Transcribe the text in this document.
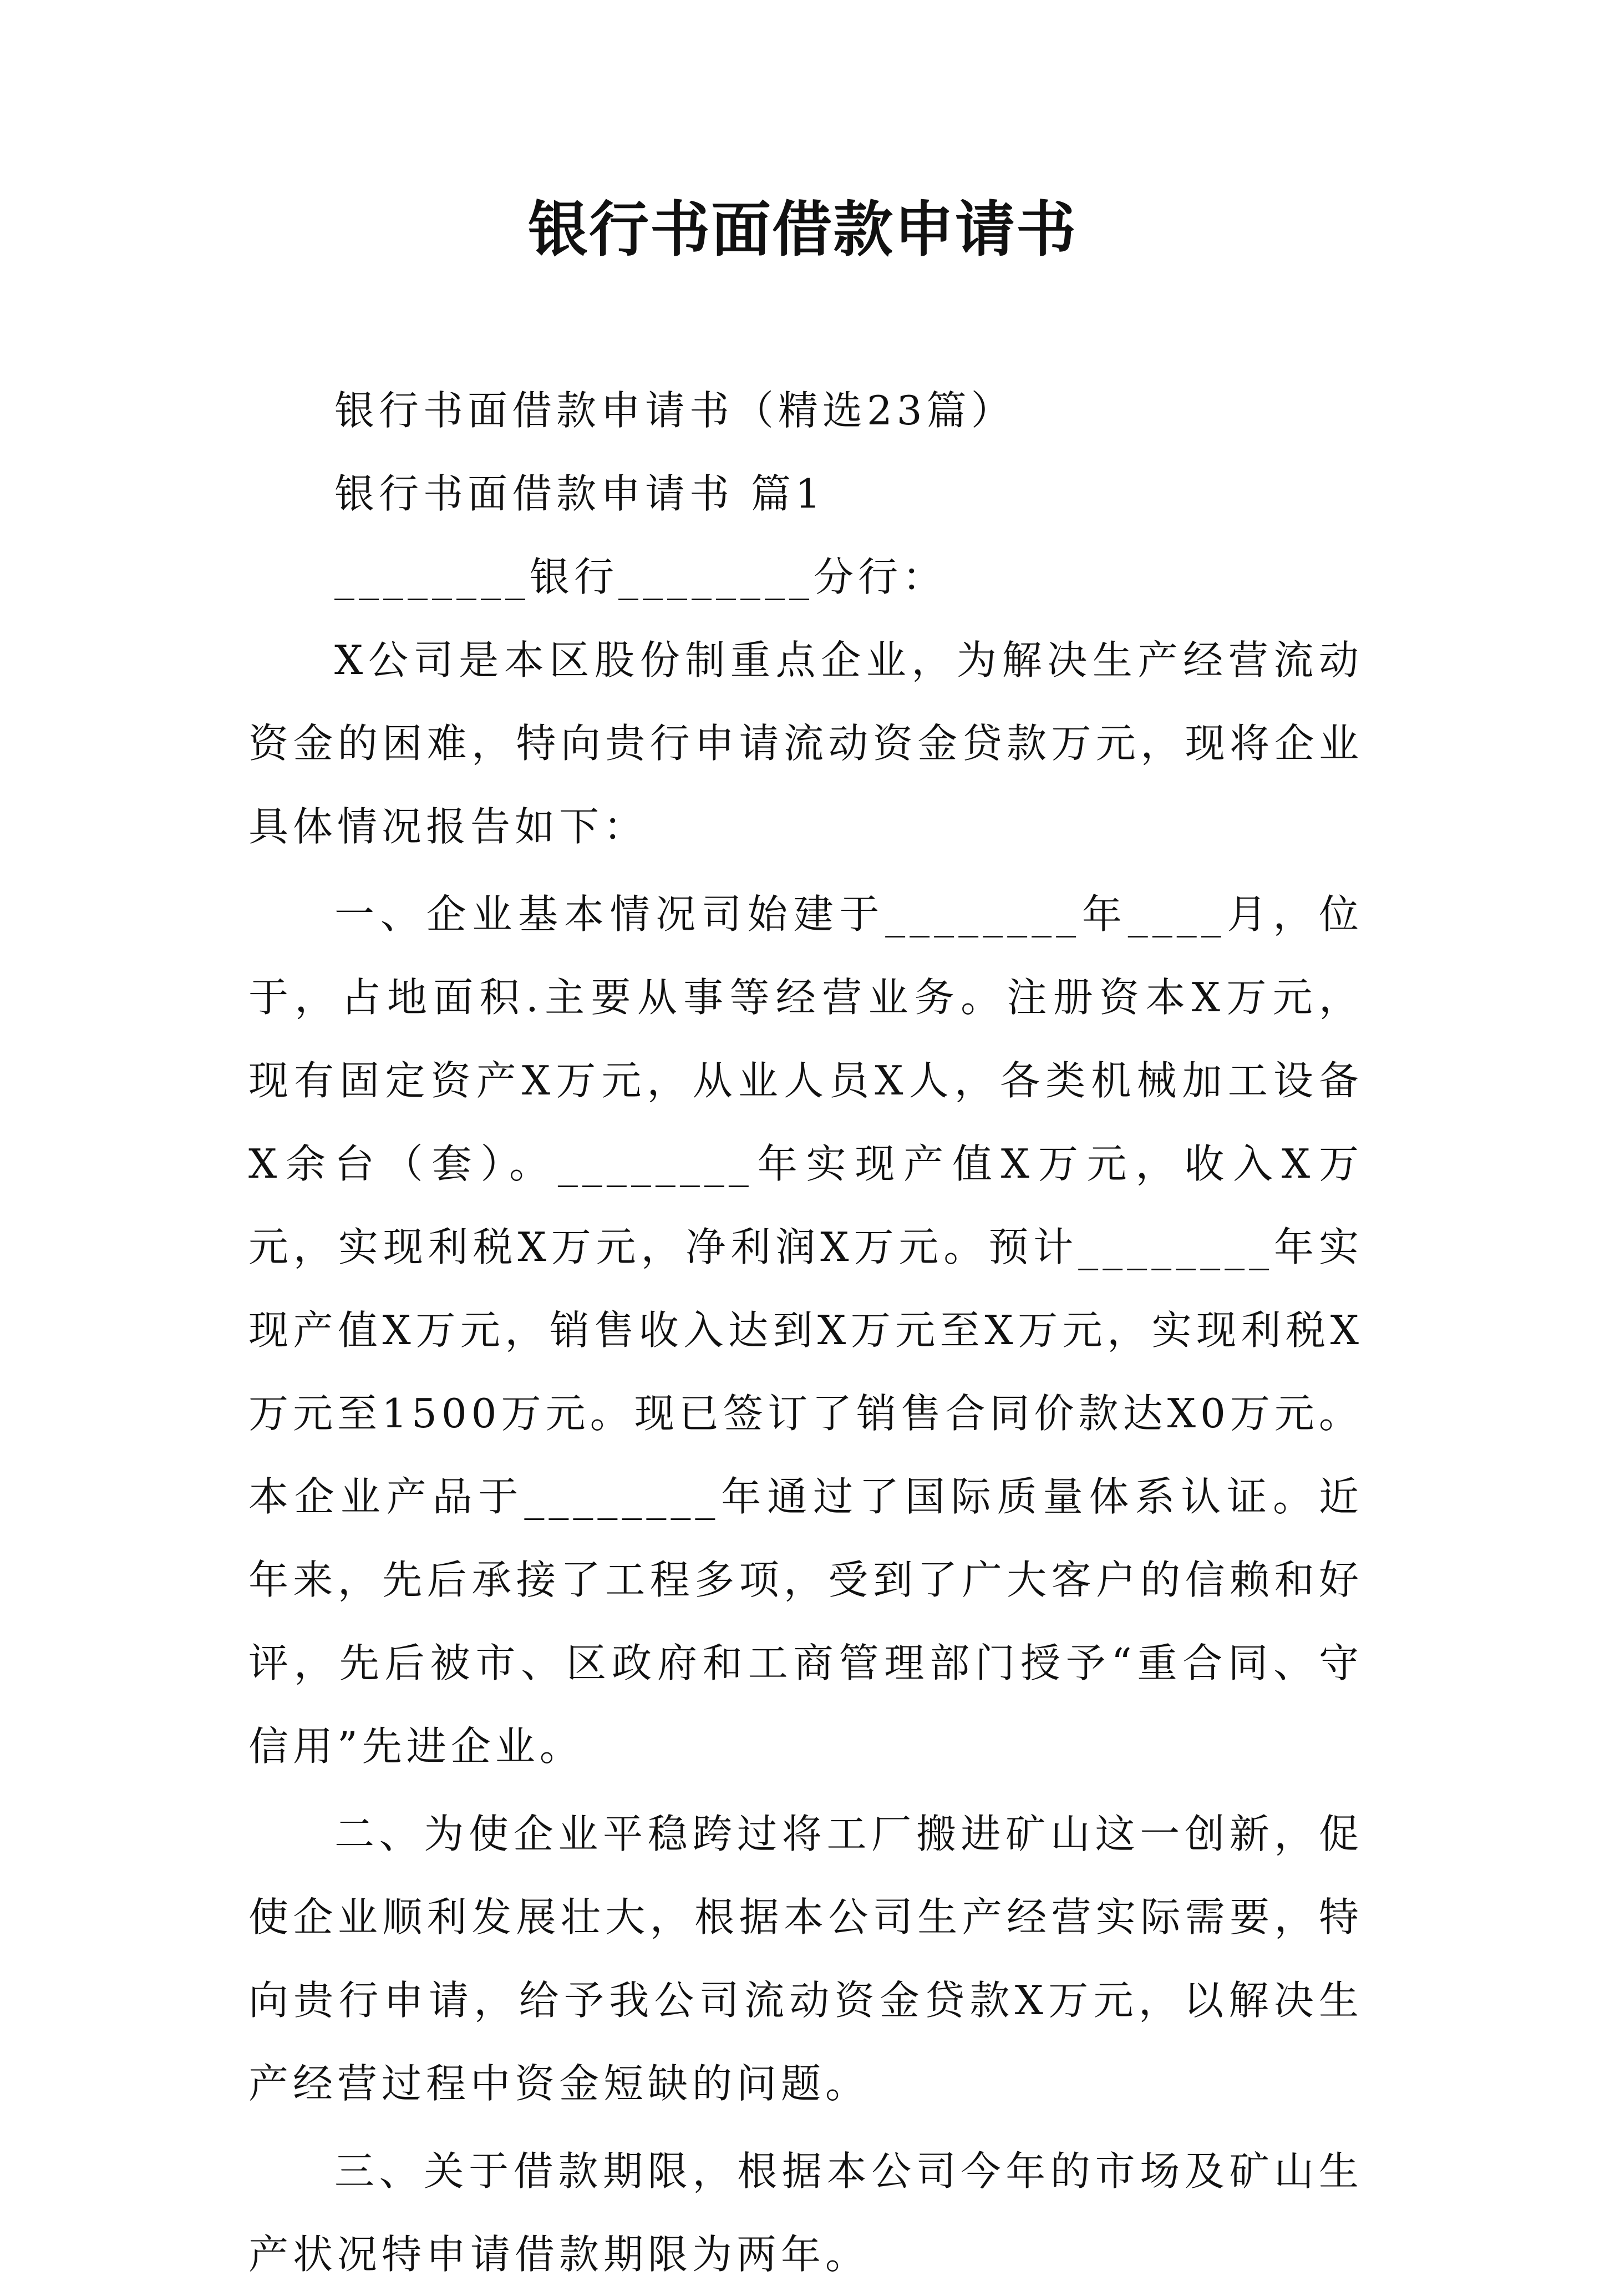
银行书面借款申请书

银行书面借款申请书（精选23篇）

银行书面借款申请书 篇1

________银行________分行：

X公司是本区股份制重点企业，为解决生产经营流动资金的困难，特向贵行申请流动资金贷款万元，现将企业具体情况报告如下：

一、企业基本情况司始建于________年____月，位于，占地面积.主要从事等经营业务。注册资本X万元，现有固定资产X万元，从业人员X人，各类机械加工设备X余台（套）。________年实现产值X万元，收入X万元，实现利税X万元，净利润X万元。预计________年实现产值X万元，销售收入达到X万元至X万元，实现利税X万元至1500万元。现已签订了销售合同价款达X0万元。本企业产品于________年通过了国际质量体系认证。近年来，先后承接了工程多项，受到了广大客户的信赖和好评，先后被市、区政府和工商管理部门授予“重合同、守信用”先进企业。

二、为使企业平稳跨过将工厂搬进矿山这一创新，促使企业顺利发展壮大，根据本公司生产经营实际需要，特向贵行申请，给予我公司流动资金贷款X万元，以解决生产经营过程中资金短缺的问题。

三、关于借款期限，根据本公司今年的市场及矿山生产状况特申请借款期限为两年。
